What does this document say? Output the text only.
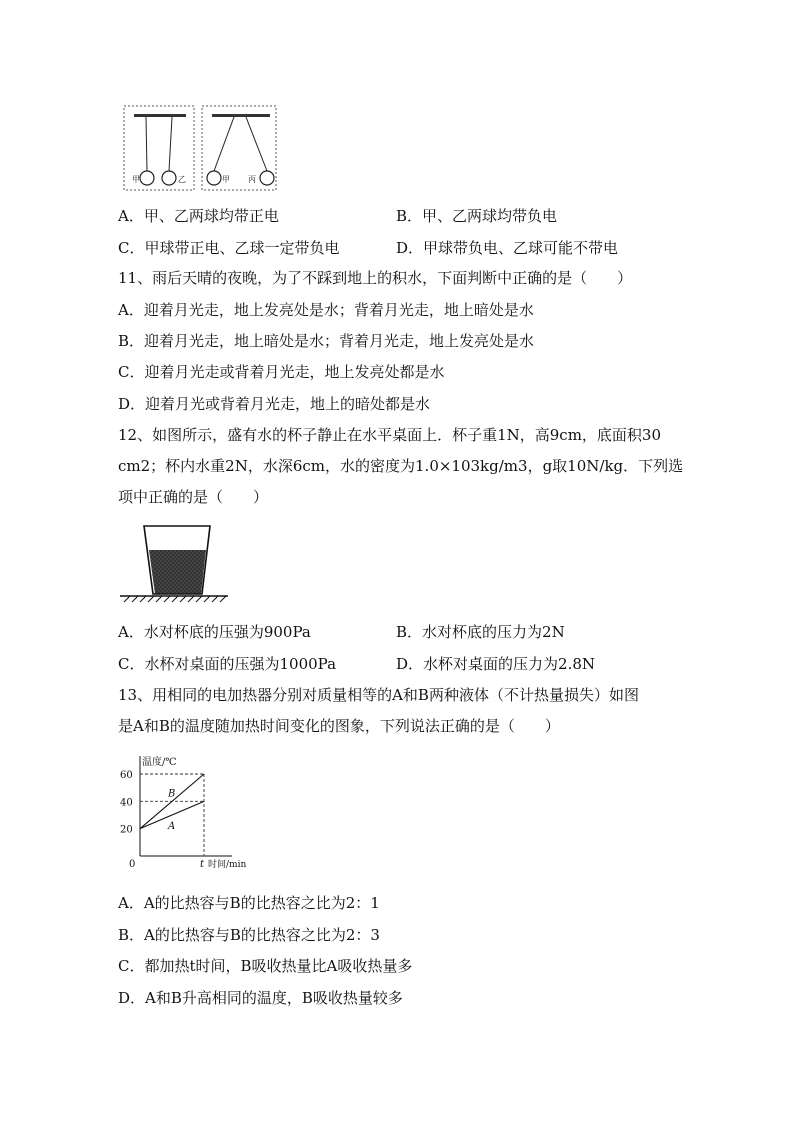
甲	乙	甲 丙
A．甲、乙两球均带正电	B．甲、乙两球均带负电
C．甲球带正电、乙球一定带负电	D．甲球带负电、乙球可能不带电
11、雨后天晴的夜晚，为了不踩到地上的积水，下面判断中正确的是（　　）
A．迎着月光走，地上发亮处是水；背着月光走，地上暗处是水
B．迎着月光走，地上暗处是水；背着月光走，地上发亮处是水
C．迎着月光走或背着月光走，地上发亮处都是水
D．迎着月光或背着月光走，地上的暗处都是水
12、如图所示，盛有水的杯子静止在水平桌面上．杯子重1N，高9cm，底面积30
cm2；杯内水重2N，水深6cm，水的密度为1.0×103kg/m3，g取10N/kg．下列选
项中正确的是（　　）
A．水对杯底的压强为900Pa	B．水对杯底的压力为2N
C．水杯对桌面的压强为1000Pa	D．水杯对桌面的压力为2.8N
13、用相同的电加热器分别对质量相等的A和B两种液体（不计热量损失）如图
是A和B的温度随加热时间变化的图象，下列说法正确的是（　　）
温度/℃
0	t 时间/min
20
40
60
B
A
A．A的比热容与B的比热容之比为2：1
B．A的比热容与B的比热容之比为2：3
C．都加热t时间，B吸收热量比A吸收热量多
D．A和B升高相同的温度，B吸收热量较多
